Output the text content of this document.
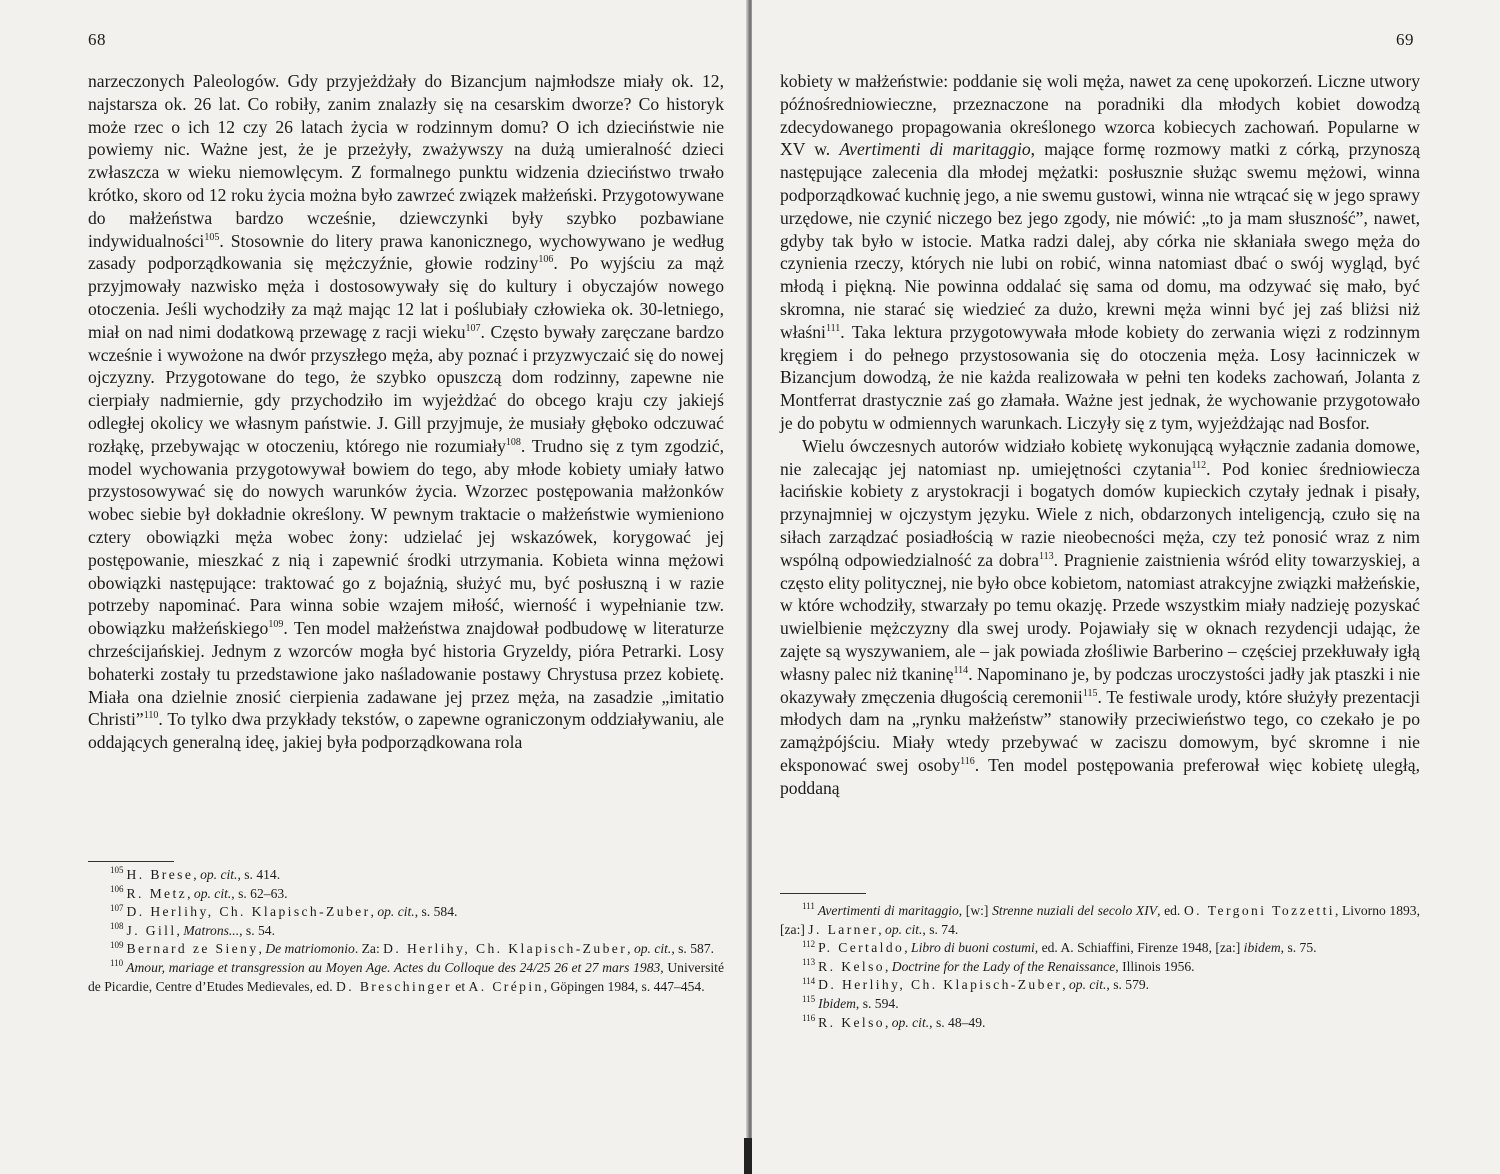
68

narzeczonych Paleologów. Gdy przyjeżdżały do Bizancjum najmłodsze miały ok. 12, najstarsza ok. 26 lat. Co robiły, zanim znalazły się na cesarskim dworze? Co historyk może rzec o ich 12 czy 26 latach życia w rodzinnym domu? O ich dzieciństwie nie powiemy nic. Ważne jest, że je przeżyły, zważywszy na dużą umieralność dzieci zwłaszcza w wieku niemowlęcym. Z formalnego punktu widzenia dzieciństwo trwało krótko, skoro od 12 roku życia można było zawrzeć związek małżeński. Przygotowywane do małżeństwa bardzo wcześnie, dziewczynki były szybko pozbawiane indywidualności$^{105}$. Stosownie do litery prawa kanonicznego, wychowywano je według zasady podporządkowania się mężczyźnie, głowie rodziny$^{106}$. Po wyjściu za mąż przyjmowały nazwisko męża i dostosowywały się do kultury i obyczajów nowego otoczenia. Jeśli wychodziły za mąż mając 12 lat i poślubiały człowieka ok. 30-letniego, miał on nad nimi dodatkową przewagę z racji wieku$^{107}$. Często bywały zaręczane bardzo wcześnie i wywożone na dwór przyszłego męża, aby poznać i przyzwyczaić się do nowej ojczyzny. Przygotowane do tego, że szybko opuszczą dom rodzinny, zapewne nie cierpiały nadmiernie, gdy przychodziło im wyjeżdżać do obcego kraju czy jakiejś odległej okolicy we własnym państwie. J. Gill przyjmuje, że musiały głęboko odczuwać rozłąkę, przebywając w otoczeniu, którego nie rozumiały$^{108}$. Trudno się z tym zgodzić, model wychowania przygotowywał bowiem do tego, aby młode kobiety umiały łatwo przystosowywać się do nowych warunków życia. Wzorzec postępowania małżonków wobec siebie był dokładnie określony. W pewnym traktacie o małżeństwie wymieniono cztery obowiązki męża wobec żony: udzielać jej wskazówek, korygować jej postępowanie, mieszkać z nią i zapewnić środki utrzymania. Kobieta winna mężowi obowiązki następujące: traktować go z bojaźnią, służyć mu, być posłuszną i w razie potrzeby napominać. Para winna sobie wzajem miłość, wierność i wypełnianie tzw. obowiązku małżeńskiego$^{109}$. Ten model małżeństwa znajdował podbudowę w literaturze chrześcijańskiej. Jednym z wzorców mogła być historia Gryzeldy, pióra Petrarki. Losy bohaterki zostały tu przedstawione jako naśladowanie postawy Chrystusa przez kobietę. Miała ona dzielnie znosić cierpienia zadawane jej przez męża, na zasadzie „imitatio Christi”$^{110}$. To tylko dwa przykłady tekstów, o zapewne ograniczonym oddziaływaniu, ale oddających generalną ideę, jakiej była podporządkowana rola

$^{105}$ H. Brese, op. cit., s. 414.

$^{106}$ R. Metz, op. cit., s. 62–63.

$^{107}$ D. Herlihy, Ch. Klapisch-Zuber, op. cit., s. 584.

$^{108}$ J. Gill, Matrons..., s. 54.

$^{109}$ Bernard ze Sieny, De matriomonio. Za: D. Herlihy, Ch. Klapisch-Zuber, op. cit., s. 587.

$^{110}$ Amour, mariage et transgression au Moyen Age. Actes du Colloque des 24/25 26 et 27 mars 1983, Université de Picardie, Centre d’Etudes Medievales, ed. D. Breschinger et A. Crépin, Göpingen 1984, s. 447–454.

69

kobiety w małżeństwie: poddanie się woli męża, nawet za cenę upokorzeń. Liczne utwory późnośredniowieczne, przeznaczone na poradniki dla młodych kobiet dowodzą zdecydowanego propagowania określonego wzorca kobiecych zachowań. Popularne w XV w. Avertimenti di maritaggio, mające formę rozmowy matki z córką, przynoszą następujące zalecenia dla młodej mężatki: posłusznie służąc swemu mężowi, winna podporządkować kuchnię jego, a nie swemu gustowi, winna nie wtrącać się w jego sprawy urzędowe, nie czynić niczego bez jego zgody, nie mówić: „to ja mam słuszność”, nawet, gdyby tak było w istocie. Matka radzi dalej, aby córka nie skłaniała swego męża do czynienia rzeczy, których nie lubi on robić, winna natomiast dbać o swój wygląd, być młodą i piękną. Nie powinna oddalać się sama od domu, ma odzywać się mało, być skromna, nie starać się wiedzieć za dużo, krewni męża winni być jej zaś bliżsi niż właśni$^{111}$. Taka lektura przygotowywała młode kobiety do zerwania więzi z rodzinnym kręgiem i do pełnego przystosowania się do otoczenia męża. Losy łacinniczek w Bizancjum dowodzą, że nie każda realizowała w pełni ten kodeks zachowań, Jolanta z Montferrat drastycznie zaś go złamała. Ważne jest jednak, że wychowanie przygotowało je do pobytu w odmiennych warunkach. Liczyły się z tym, wyjeżdżając nad Bosfor.

Wielu ówczesnych autorów widziało kobietę wykonującą wyłącznie zadania domowe, nie zalecając jej natomiast np. umiejętności czytania$^{112}$. Pod koniec średniowiecza łacińskie kobiety z arystokracji i bogatych domów kupieckich czytały jednak i pisały, przynajmniej w ojczystym języku. Wiele z nich, obdarzonych inteligencją, czuło się na siłach zarządzać posiadłością w razie nieobecności męża, czy też ponosić wraz z nim wspólną odpowiedzialność za dobra$^{113}$. Pragnienie zaistnienia wśród elity towarzyskiej, a często elity politycznej, nie było obce kobietom, natomiast atrakcyjne związki małżeńskie, w które wchodziły, stwarzały po temu okazję. Przede wszystkim miały nadzieję pozyskać uwielbienie mężczyzny dla swej urody. Pojawiały się w oknach rezydencji udając, że zajęte są wyszywaniem, ale – jak powiada złośliwie Barberino – częściej przekłuwały igłą własny palec niż tkaninę$^{114}$. Napominano je, by podczas uroczystości jadły jak ptaszki i nie okazywały zmęczenia długością ceremonii$^{115}$. Te festiwale urody, które służyły prezentacji młodych dam na „rynku małżeństw” stanowiły przeciwieństwo tego, co czekało je po zamążpójściu. Miały wtedy przebywać w zaciszu domowym, być skromne i nie eksponować swej osoby$^{116}$. Ten model postępowania preferował więc kobietę uległą, poddaną

$^{111}$ Avertimenti di maritaggio, [w:] Strenne nuziali del secolo XIV, ed. O. Tergoni Tozzetti, Livorno 1893, [za:] J. Larner, op. cit., s. 74.

$^{112}$ P. Certaldo, Libro di buoni costumi, ed. A. Schiaffini, Firenze 1948, [za:] ibidem, s. 75.

$^{113}$ R. Kelso, Doctrine for the Lady of the Renaissance, Illinois 1956.

$^{114}$ D. Herlihy, Ch. Klapisch-Zuber, op. cit., s. 579.

$^{115}$ Ibidem, s. 594.

$^{116}$ R. Kelso, op. cit., s. 48–49.
